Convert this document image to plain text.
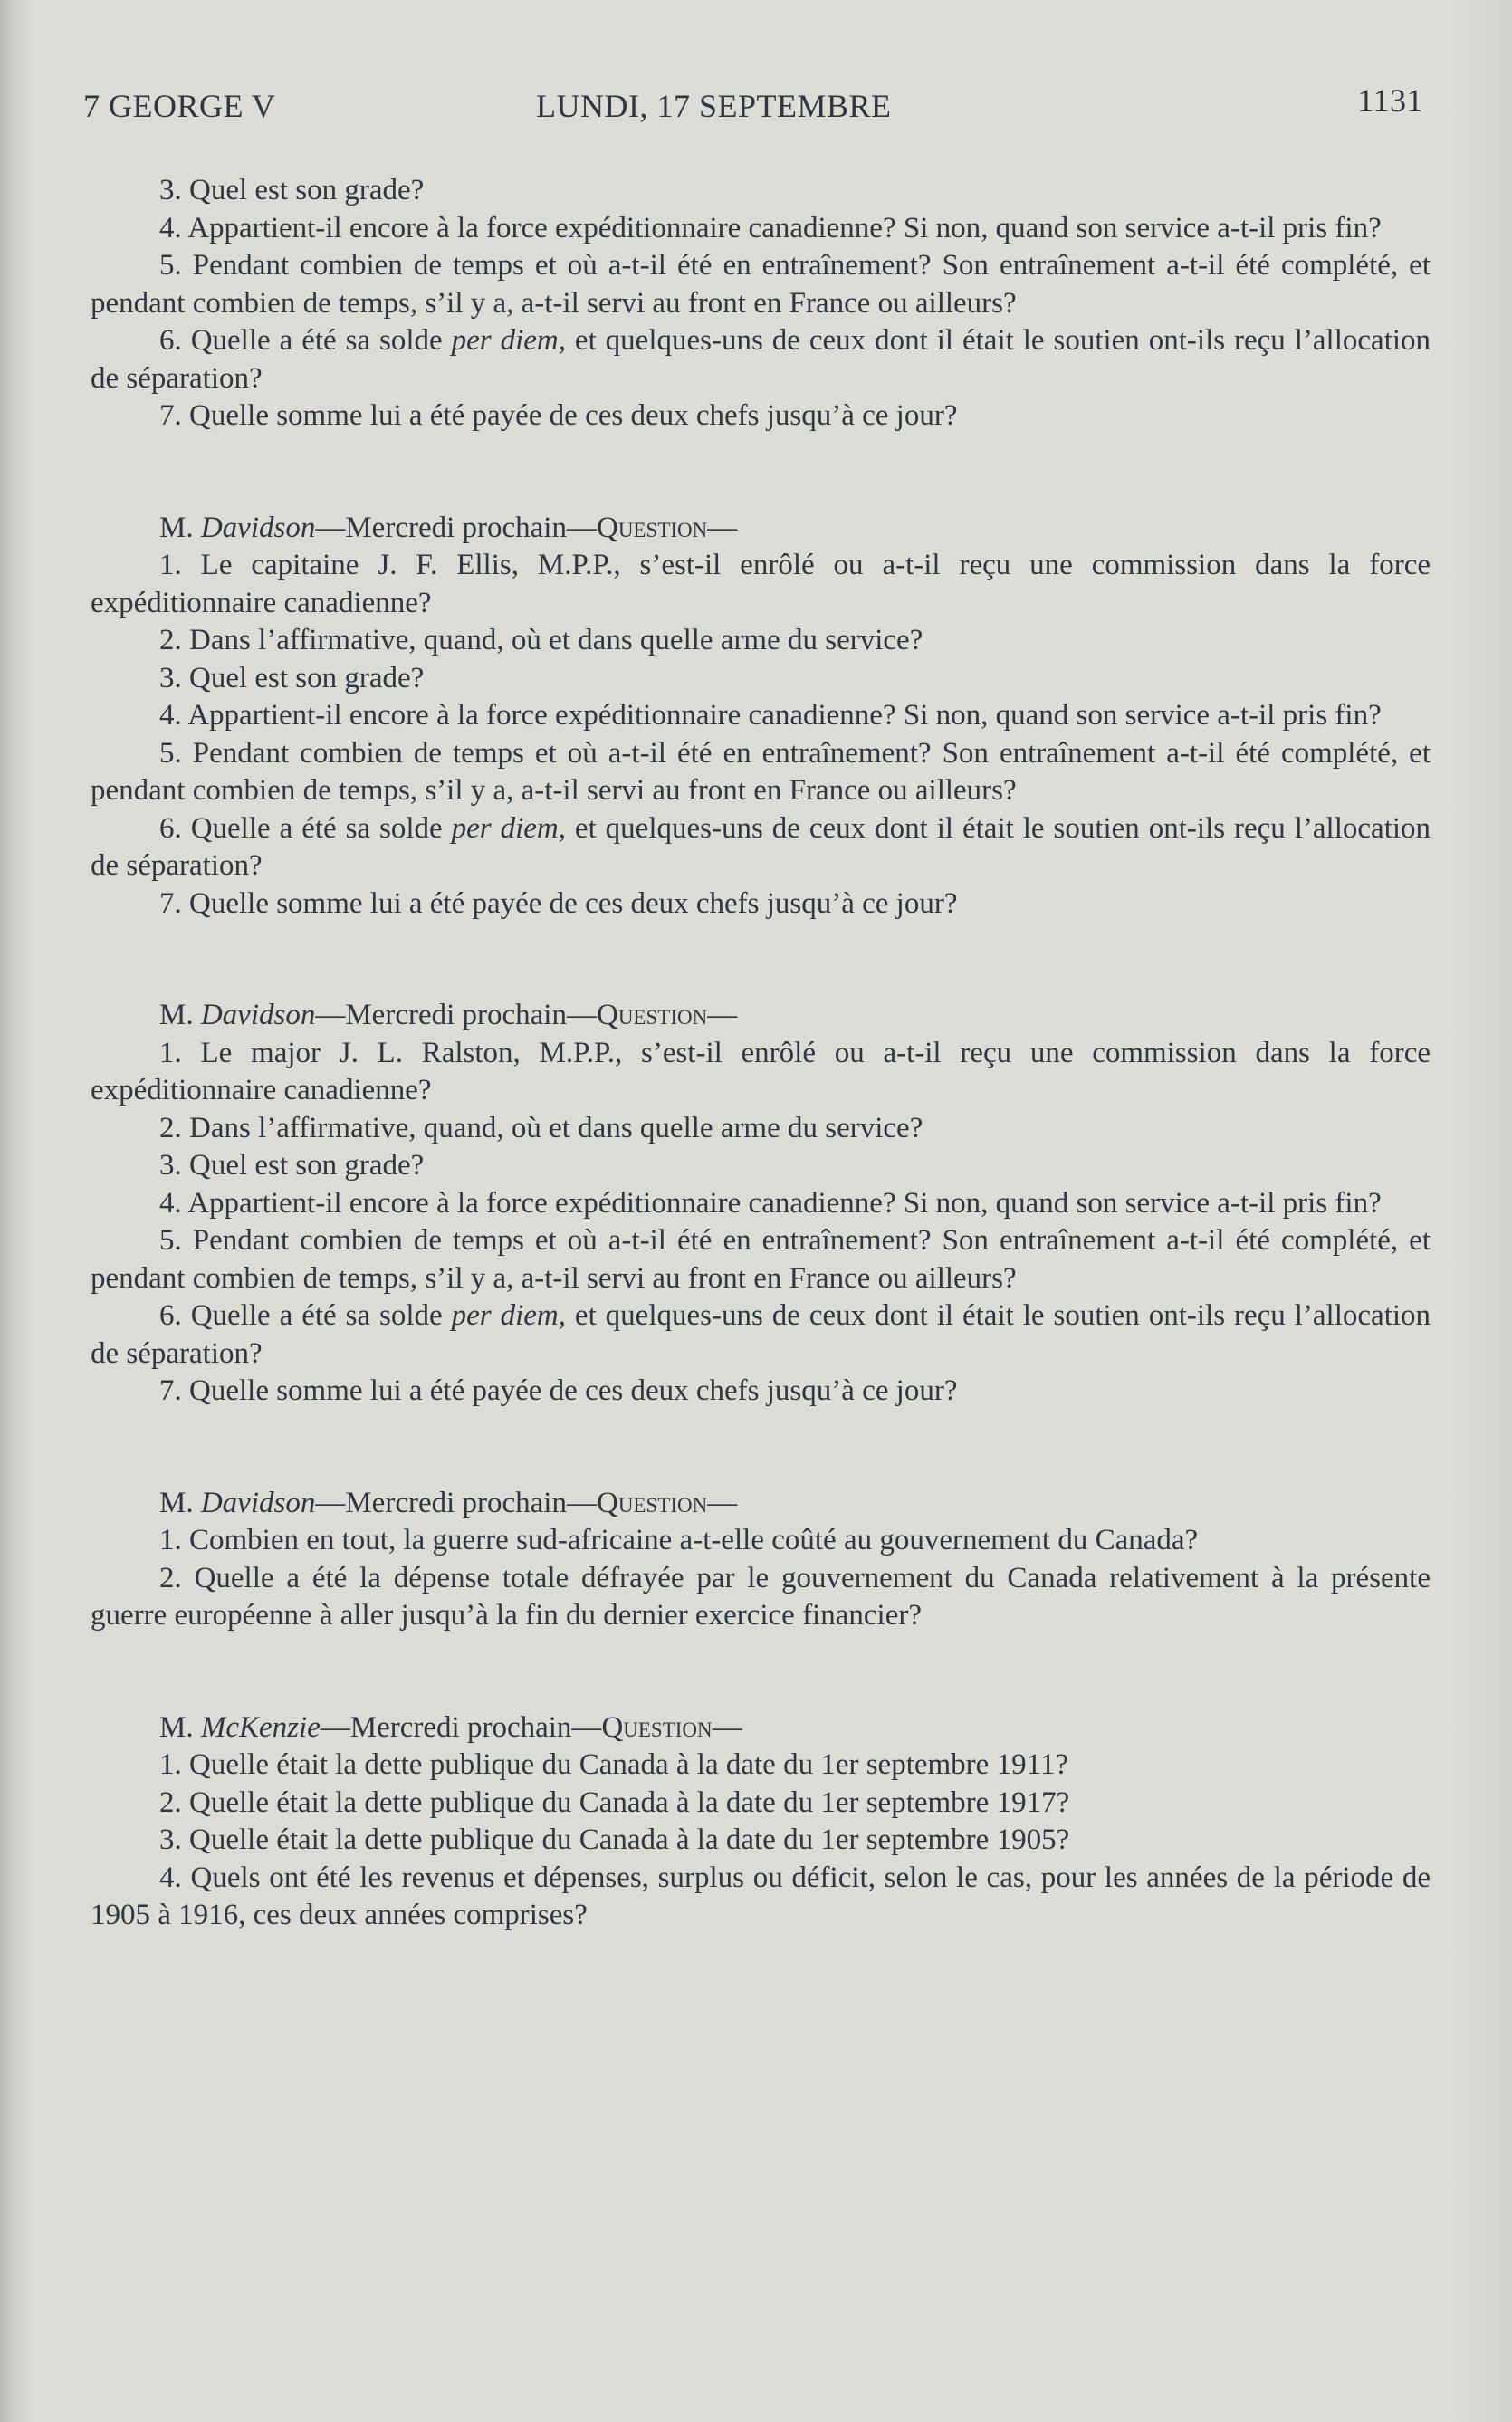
7 GEORGE V	LUNDI, 17 SEPTEMBRE	1131

3. Quel est son grade?

4. Appartient-il encore à la force expéditionnaire canadienne? Si non, quand son service a-t-il pris fin?

5. Pendant combien de temps et où a-t-il été en entraînement? Son entraînement a-t-il été complété, et pendant combien de temps, s’il y a, a-t-il servi au front en France ou ailleurs?

6. Quelle a été sa solde per diem, et quelques-uns de ceux dont il était le soutien ont-ils reçu l’allocation de séparation?

7. Quelle somme lui a été payée de ces deux chefs jusqu’à ce jour?

M. Davidson—Mercredi prochain—Question—

1. Le capitaine J. F. Ellis, M.P.P., s’est-il enrôlé ou a-t-il reçu une commission dans la force expéditionnaire canadienne?

2. Dans l’affirmative, quand, où et dans quelle arme du service?

3. Quel est son grade?

4. Appartient-il encore à la force expéditionnaire canadienne? Si non, quand son service a-t-il pris fin?

5. Pendant combien de temps et où a-t-il été en entraînement? Son entraînement a-t-il été complété, et pendant combien de temps, s’il y a, a-t-il servi au front en France ou ailleurs?

6. Quelle a été sa solde per diem, et quelques-uns de ceux dont il était le soutien ont-ils reçu l’allocation de séparation?

7. Quelle somme lui a été payée de ces deux chefs jusqu’à ce jour?

M. Davidson—Mercredi prochain—Question—

1. Le major J. L. Ralston, M.P.P., s’est-il enrôlé ou a-t-il reçu une commission dans la force expéditionnaire canadienne?

2. Dans l’affirmative, quand, où et dans quelle arme du service?

3. Quel est son grade?

4. Appartient-il encore à la force expéditionnaire canadienne? Si non, quand son service a-t-il pris fin?

5. Pendant combien de temps et où a-t-il été en entraînement? Son entraînement a-t-il été complété, et pendant combien de temps, s’il y a, a-t-il servi au front en France ou ailleurs?

6. Quelle a été sa solde per diem, et quelques-uns de ceux dont il était le soutien ont-ils reçu l’allocation de séparation?

7. Quelle somme lui a été payée de ces deux chefs jusqu’à ce jour?

M. Davidson—Mercredi prochain—Question—

1. Combien en tout, la guerre sud-africaine a-t-elle coûté au gouvernement du Canada?

2. Quelle a été la dépense totale défrayée par le gouvernement du Canada relativement à la présente guerre européenne à aller jusqu’à la fin du dernier exercice financier?

M. McKenzie—Mercredi prochain—Question—

1. Quelle était la dette publique du Canada à la date du 1er septembre 1911?

2. Quelle était la dette publique du Canada à la date du 1er septembre 1917?

3. Quelle était la dette publique du Canada à la date du 1er septembre 1905?

4. Quels ont été les revenus et dépenses, surplus ou déficit, selon le cas, pour les années de la période de 1905 à 1916, ces deux années comprises?
